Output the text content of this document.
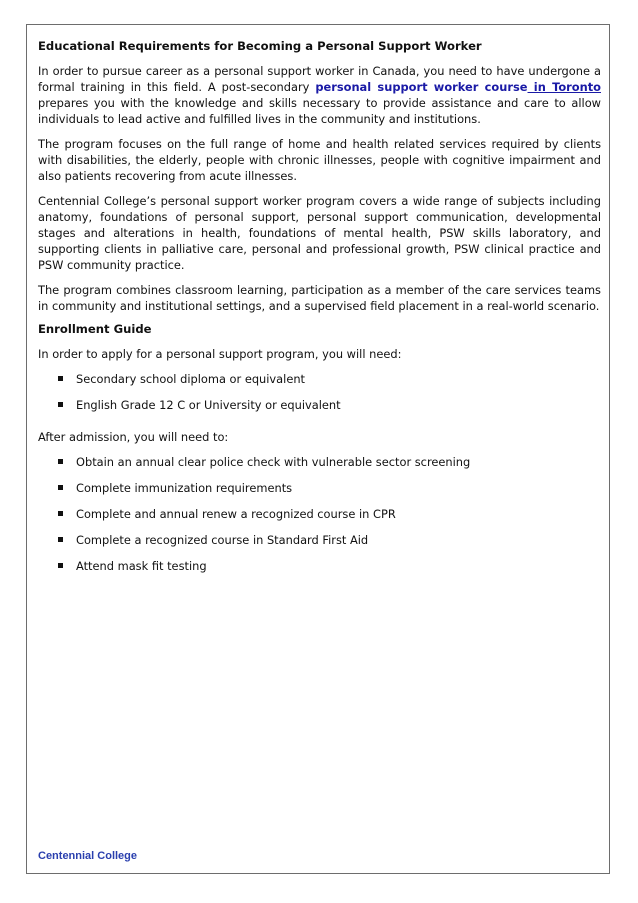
Educational Requirements for Becoming a Personal Support Worker

In order to pursue career as a personal support worker in Canada, you need to have undergone a formal training in this field. A post-secondary personal support worker course in Toronto prepares you with the knowledge and skills necessary to provide assistance and care to allow individuals to lead active and fulfilled lives in the community and institutions.

The program focuses on the full range of home and health related services required by clients with disabilities, the elderly, people with chronic illnesses, people with cognitive impairment and also patients recovering from acute illnesses.

Centennial College’s personal support worker program covers a wide range of subjects including anatomy, foundations of personal support, personal support communication, developmental stages and alterations in health, foundations of mental health, PSW skills laboratory, and supporting clients in palliative care, personal and professional growth, PSW clinical practice and PSW community practice.

The program combines classroom learning, participation as a member of the care services teams in community and institutional settings, and a supervised field placement in a real-world scenario.

Enrollment Guide

In order to apply for a personal support program, you will need:

Secondary school diploma or equivalent
English Grade 12 C or University or equivalent

After admission, you will need to:

Obtain an annual clear police check with vulnerable sector screening
Complete immunization requirements
Complete and annual renew a recognized course in CPR
Complete a recognized course in Standard First Aid
Attend mask fit testing
Centennial College
